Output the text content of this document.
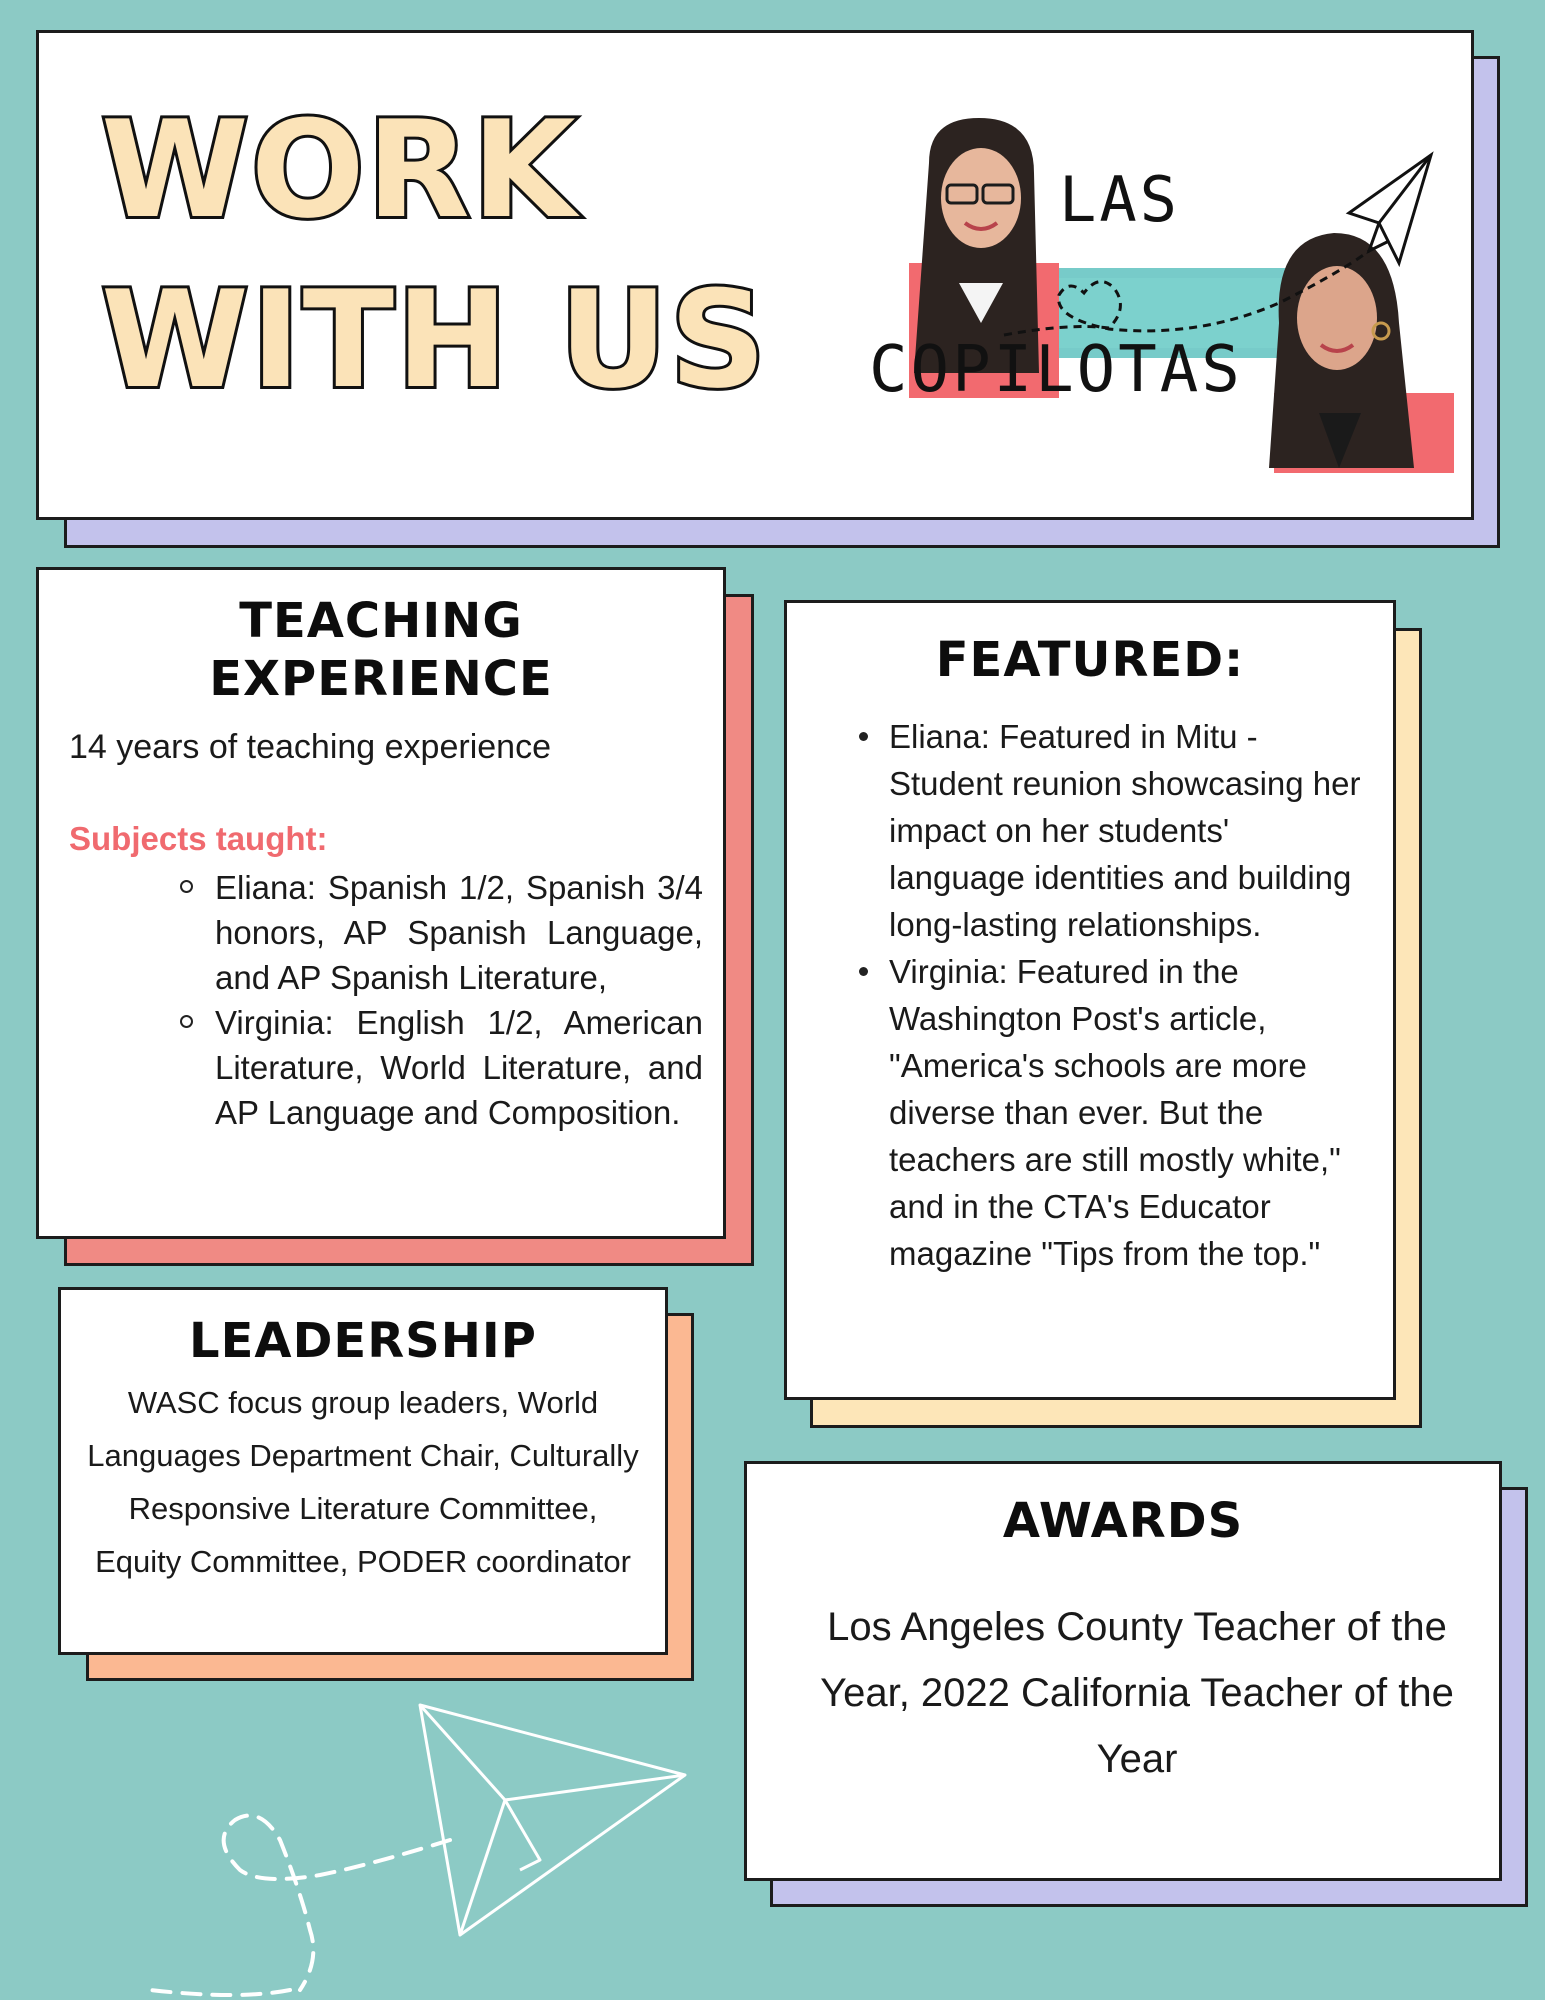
WORK
WITH US
LAS
COPILOTAS
TEACHING
EXPERIENCE
14 years of teaching experience
Subjects taught:
Eliana: Spanish 1/2, Spanish 3/4 honors, AP Spanish Language, and AP Spanish Literature,
Virginia: English 1/2, American Literature, World Literature, and AP Language and Composition.
FEATURED:
Eliana: Featured in Mitu - Student reunion showcasing her impact on her students' language identities and building long-lasting relationships.
Virginia: Featured in the Washington Post's article, "America's schools are more diverse than ever. But the teachers are still mostly white," and in the CTA's Educator magazine "Tips from the top."
LEADERSHIP
WASC focus group leaders, World Languages Department Chair, Culturally Responsive Literature Committee, Equity Committee, PODER coordinator
AWARDS
Los Angeles County Teacher of the Year, 2022 California Teacher of the Year
